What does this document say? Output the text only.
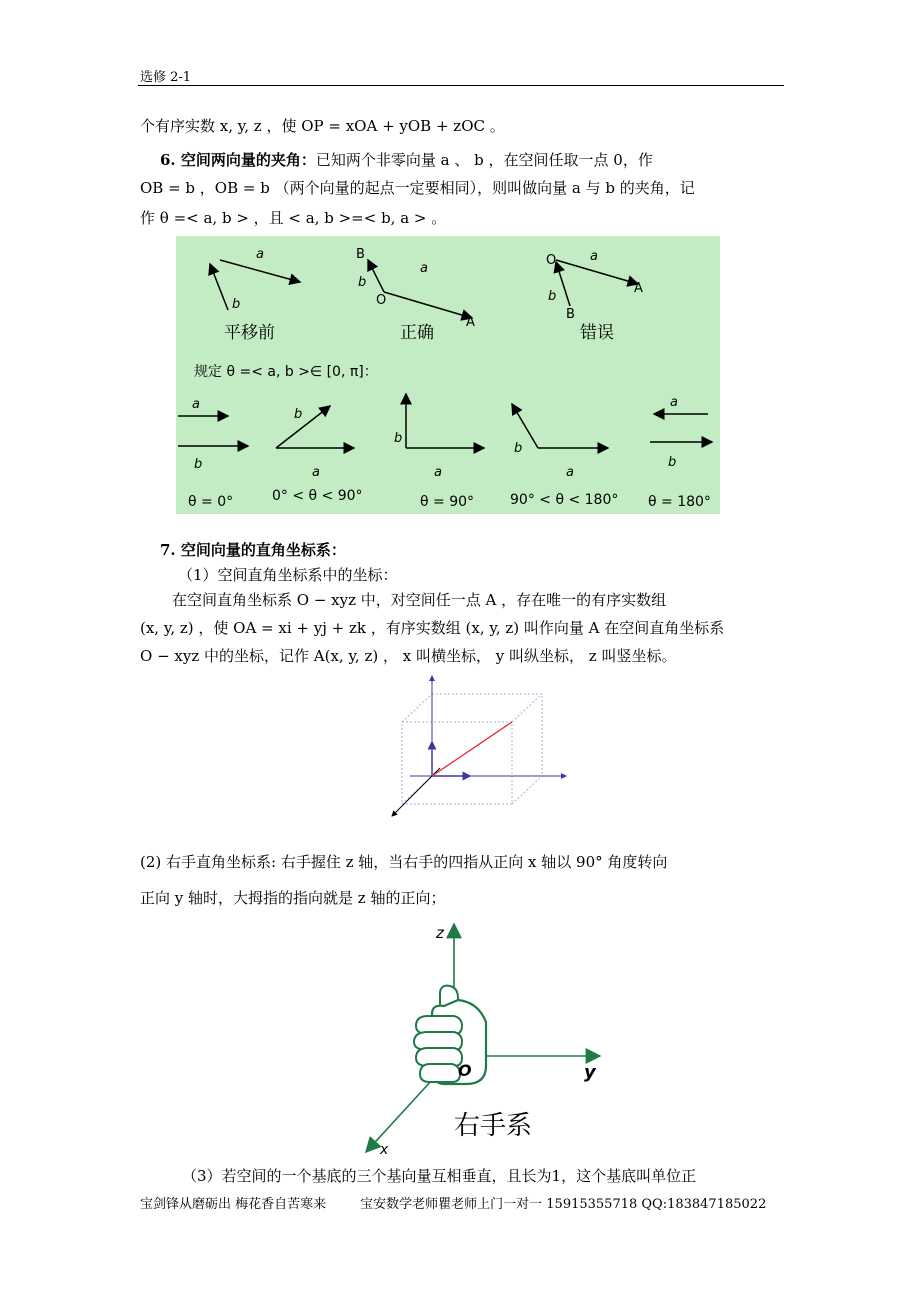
选修 2-1
个有序实数 x, y, z ，使 OP = xOA + yOB + zOC 。
6. 空间两向量的夹角：已知两个非零向量 a 、 b ，在空间任取一点 0，作
OB = b ，OB = b （两个向量的起点一定要相同），则叫做向量 a 与 b 的夹角，记
作 θ =< a, b > ，且 < a, b >=< b, a > 。
a
b
平移前
B
b
O
a
A
正确
O	a
b
B
A
错误
规定 θ =< a, b >∈ [0, π]：
a
b
b
a
b
a
b
a
a
b
θ = 0°	0° < θ < 90°	θ = 90°	90° < θ < 180° θ = 180°
7. 空间向量的直角坐标系：
（1）空间直角坐标系中的坐标：
在空间直角坐标系 O − xyz 中，对空间任一点 A ，存在唯一的有序实数组
(x, y, z) ，使 OA = xi + yj + zk ，有序实数组 (x, y, z) 叫作向量 A 在空间直角坐标系
O − xyz 中的坐标，记作 A(x, y, z) ， x 叫横坐标， y 叫纵坐标， z 叫竖坐标。
(2) 右手直角坐标系: 右手握住 z 轴，当右手的四指从正向 x 轴以 90° 角度转向
正向 y 轴时，大拇指的指向就是 z 轴的正向；
z
y
x
O
右手系
（3）若空间的一个基底的三个基向量互相垂直，且长为1，这个基底叫单位正
宝剑锋从磨砺出 梅花香自苦寒来	宝安数学老师瞿老师上门一对一 15915355718 QQ:183847185022
